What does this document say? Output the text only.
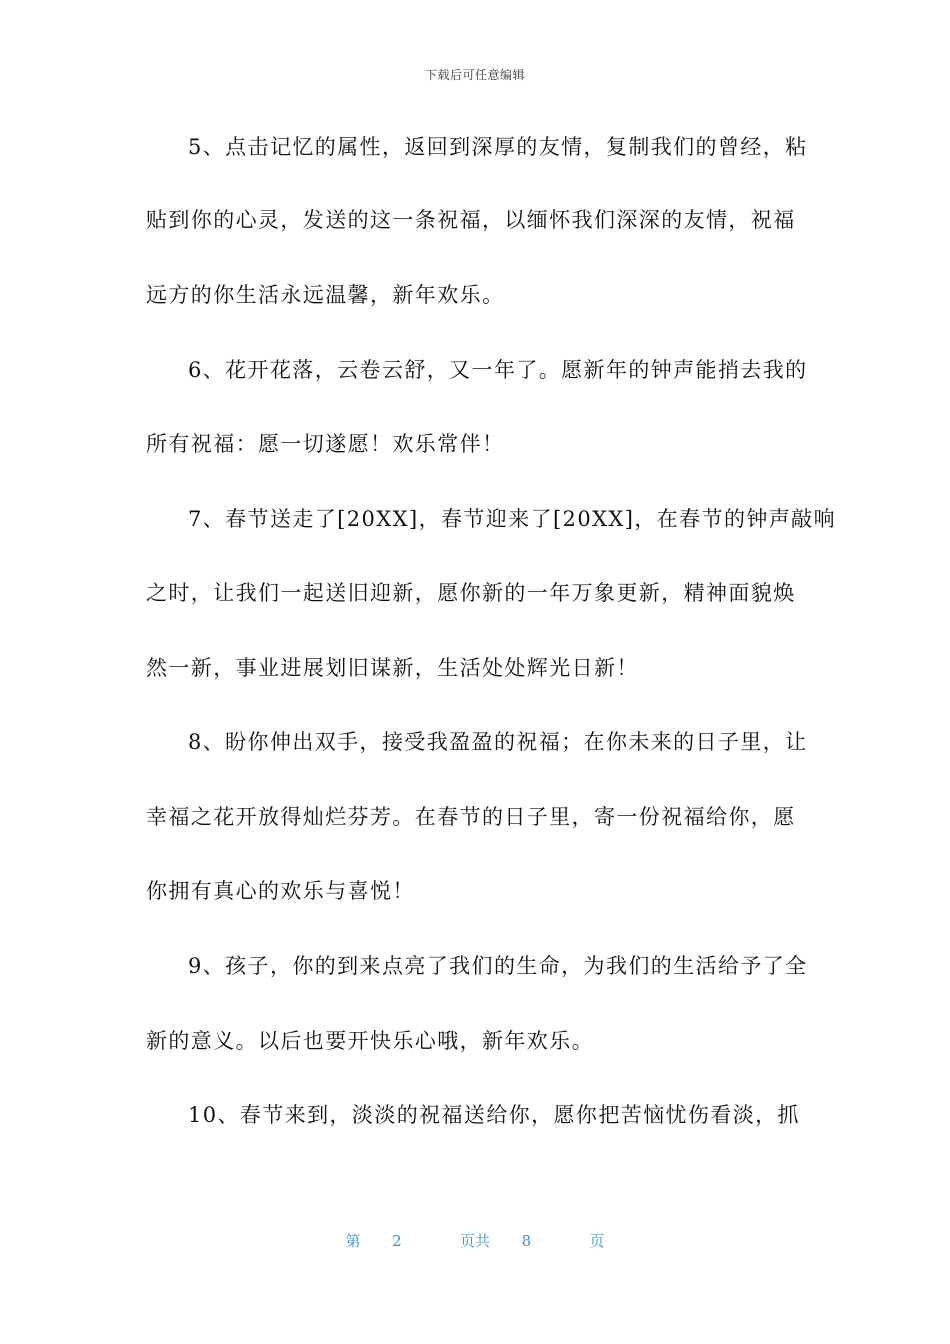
下载后可任意编辑
5、点击记忆的属性，返回到深厚的友情，复制我们的曾经，粘
贴到你的心灵，发送的这一条祝福，以缅怀我们深深的友情，祝福
远方的你生活永远温馨，新年欢乐。
6、花开花落，云卷云舒，又一年了。愿新年的钟声能捎去我的
所有祝福：愿一切遂愿！欢乐常伴！
7、春节送走了[20XX]，春节迎来了[20XX]，在春节的钟声敲响
之时，让我们一起送旧迎新，愿你新的一年万象更新，精神面貌焕
然一新，事业进展划旧谋新，生活处处辉光日新！
8、盼你伸出双手，接受我盈盈的祝福；在你未来的日子里，让
幸福之花开放得灿烂芬芳。在春节的日子里，寄一份祝福给你，愿
你拥有真心的欢乐与喜悦！
9、孩子，你的到来点亮了我们的生命，为我们的生活给予了全
新的意义。以后也要开快乐心哦，新年欢乐。
10、春节来到，淡淡的祝福送给你，愿你把苦恼忧伤看淡，抓
第 2	页共 8	页
